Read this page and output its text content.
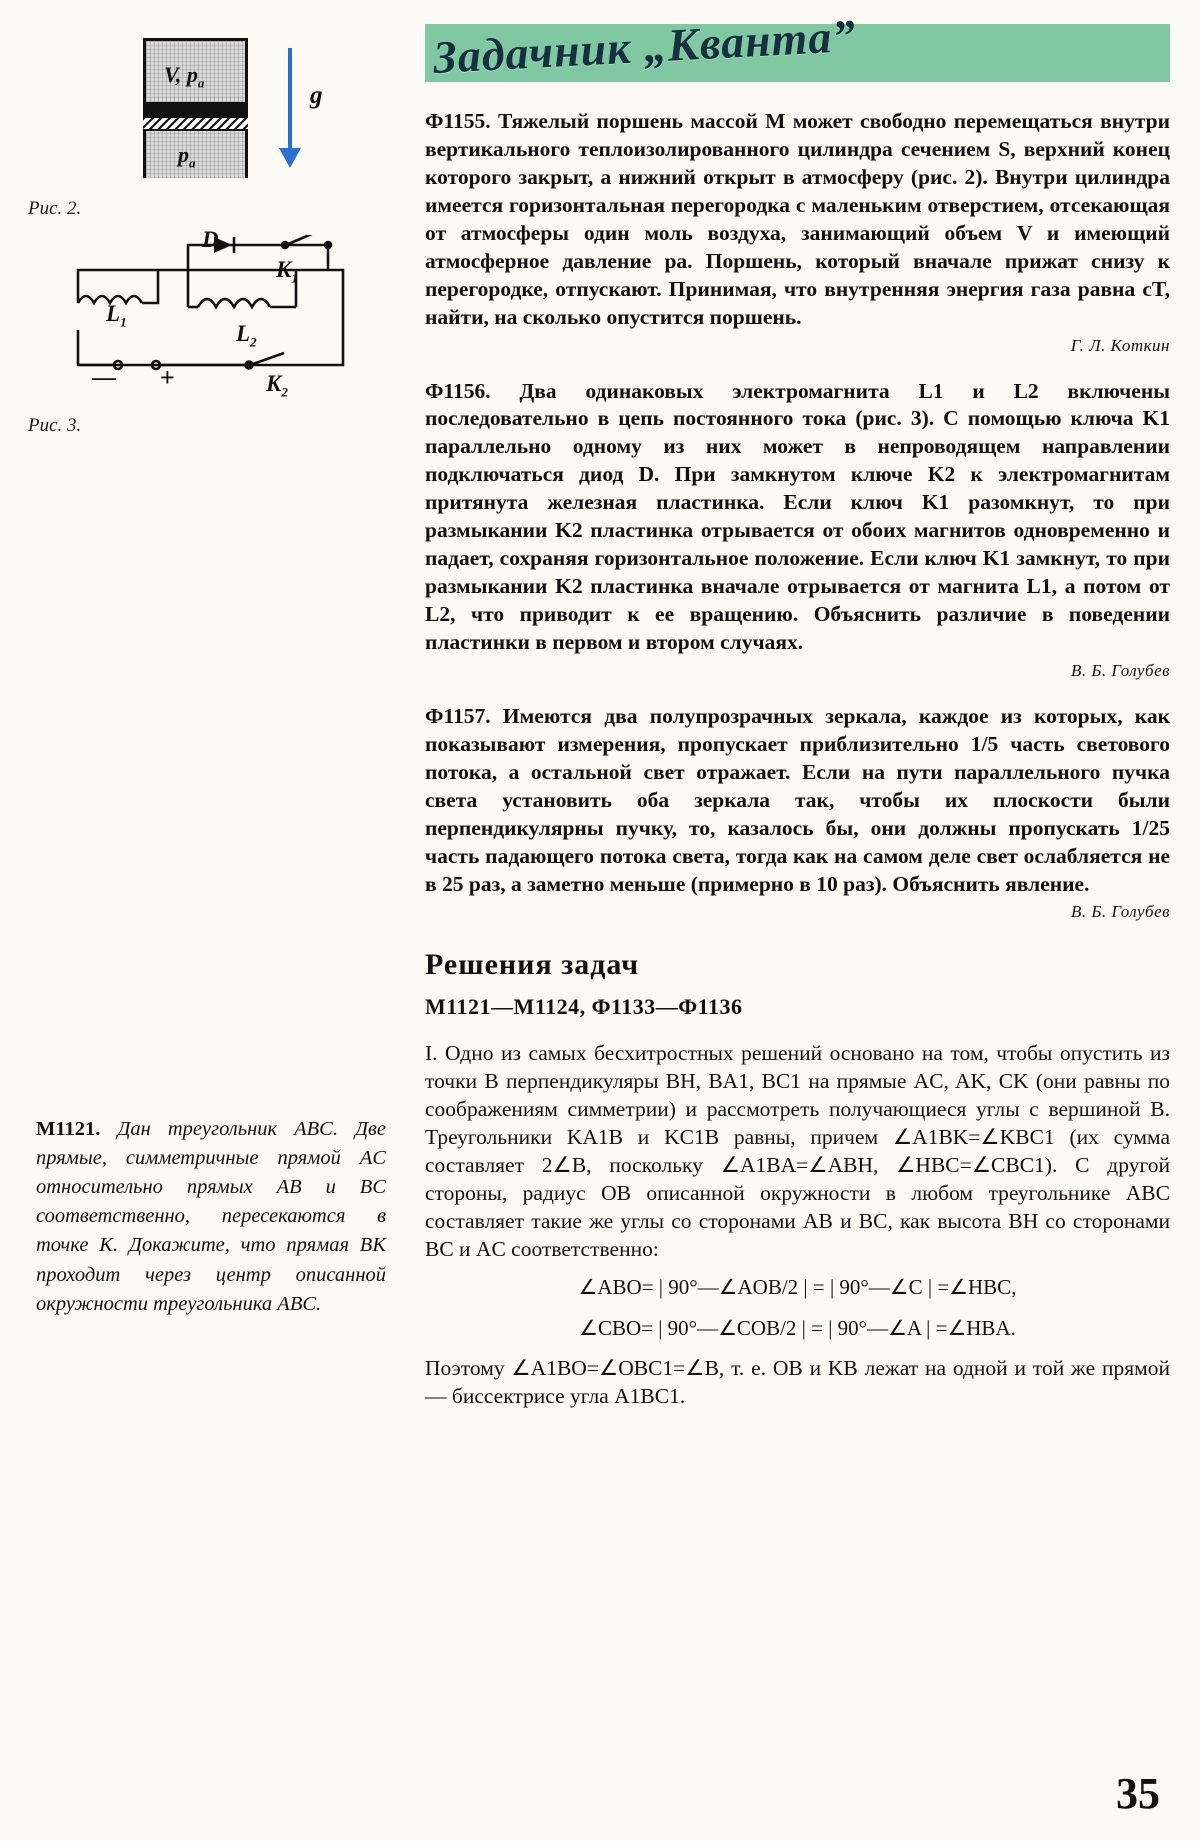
V, $p_a$
$p_a$
g
Рис. 2.
D
$K_1$
$L_1$	$L_2$
$K_2$
— +
Рис. 3.
М1121. Дан треугольник ABC. Две прямые, симметричные прямой AC относительно прямых AB и BC соответственно, пересекаются в точке K. Докажите, что прямая BK проходит через центр описанной окружности треугольника ABC.
Задачник „Кванта”

Ф1155. Тяжелый поршень массой M может свободно перемещаться внутри вертикального теплоизолированного цилиндра сечением S, верхний конец которого закрыт, а нижний открыт в атмосферу (рис. 2). Внутри цилиндра имеется горизонтальная перегородка с маленьким отверстием, отсекающая от атмосферы один моль воздуха, занимающий объем V и имеющий атмосферное давление pa. Поршень, который вначале прижат снизу к перегородке, отпускают. Принимая, что внутренняя энергия газа равна cT, найти, на сколько опустится поршень.

Г. Л. Коткин

Ф1156. Два одинаковых электромагнита L1 и L2 включены последовательно в цепь постоянного тока (рис. 3). С помощью ключа K1 параллельно одному из них может в непроводящем направлении подключаться диод D. При замкнутом ключе K2 к электромагнитам притянута железная пластинка. Если ключ K1 разомкнут, то при размыкании K2 пластинка отрывается от обоих магнитов одновременно и падает, сохраняя горизонтальное положение. Если ключ K1 замкнут, то при размыкании K2 пластинка вначале отрывается от магнита L1, а потом от L2, что приводит к ее вращению. Объяснить различие в поведении пластинки в первом и втором случаях.

В. Б. Голубев

Ф1157. Имеются два полупрозрачных зеркала, каждое из которых, как показывают измерения, пропускает приблизительно 1/5 часть светового потока, а остальной свет отражает. Если на пути параллельного пучка света установить оба зеркала так, чтобы их плоскости были перпендикулярны пучку, то, казалось бы, они должны пропускать 1/25 часть падающего потока света, тогда как на самом деле свет ослабляется не в 25 раз, а заметно меньше (примерно в 10 раз). Объяснить явление.

В. Б. Голубев
Решения задач
М1121—М1124, Ф1133—Ф1136

I. Одно из самых бесхитростных решений основано на том, чтобы опустить из точки B перпендикуляры BH, BA1, BC1 на прямые AC, AK, CK (они равны по соображениям симметрии) и рассмотреть получающиеся углы с вершиной B. Треугольники KA1B и KC1B равны, причем ∠A1BK=∠KBC1 (их сумма составляет 2∠B, поскольку ∠A1BA=∠ABH, ∠HBC=∠CBC1). С другой стороны, радиус OB описанной окружности в любом треугольнике ABC составляет такие же углы со сторонами AB и BC, как высота BH со сторонами BC и AC соответственно:

∠ABO= | 90°—∠AOB/2 | = | 90°—∠C | =∠HBC,
∠CBO= | 90°—∠COB/2 | = | 90°—∠A | =∠HBA.

Поэтому ∠A1BO=∠OBC1=∠B, т. е. OB и KB лежат на одной и той же прямой — биссектрисе угла A1BC1.

35
